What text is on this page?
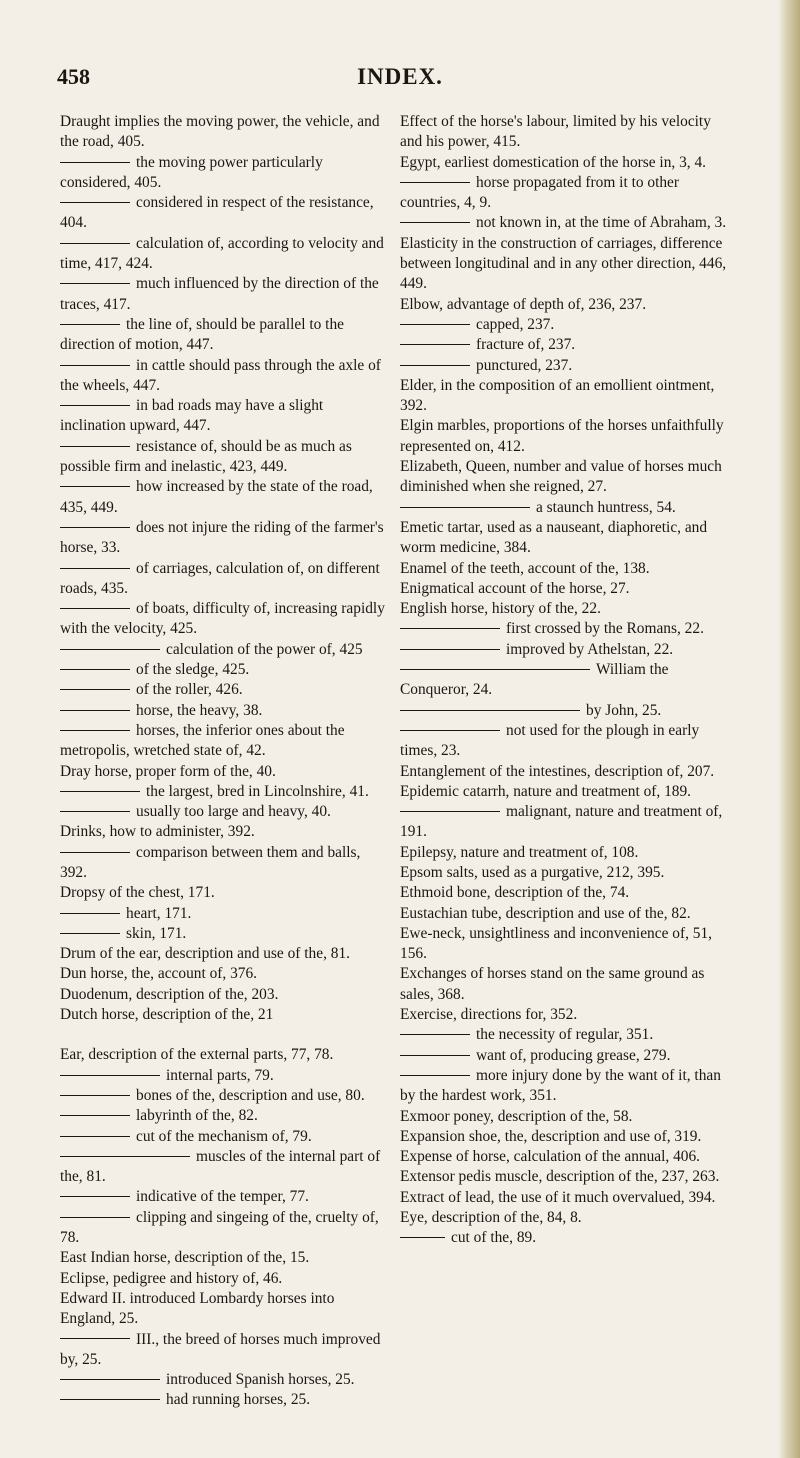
458	INDEX.

Draught implies the moving power, the vehicle, and the road, 405.

the moving power particularly considered, 405.

considered in respect of the resistance, 404.

calculation of, according to velocity and time, 417, 424.

much influenced by the direction of the traces, 417.

the line of, should be parallel to the direction of motion, 447.

in cattle should pass through the axle of the wheels, 447.

in bad roads may have a slight inclination upward, 447.

resistance of, should be as much as possible firm and inelastic, 423, 449.

how increased by the state of the road, 435, 449.

does not injure the riding of the farmer's horse, 33.

of carriages, calculation of, on different roads, 435.

of boats, difficulty of, increasing rapidly with the velocity, 425.

calculation of the power of, 425

of the sledge, 425.

of the roller, 426.

horse, the heavy, 38.

horses, the inferior ones about the metropolis, wretched state of, 42.

Dray horse, proper form of the, 40.

the largest, bred in Lincolnshire, 41.

usually too large and heavy, 40.

Drinks, how to administer, 392.

comparison between them and balls, 392.

Dropsy of the chest, 171.

heart, 171.

skin, 171.

Drum of the ear, description and use of the, 81.

Dun horse, the, account of, 376.

Duodenum, description of the, 203.

Dutch horse, description of the, 21

Ear, description of the external parts, 77, 78.

internal parts, 79.

bones of the, description and use, 80.

labyrinth of the, 82.

cut of the mechanism of, 79.

muscles of the internal part of the, 81.

indicative of the temper, 77.

clipping and singeing of the, cruelty of, 78.

East Indian horse, description of the, 15.

Eclipse, pedigree and history of, 46.

Edward II. introduced Lombardy horses into England, 25.

III., the breed of horses much improved by, 25.

introduced Spanish horses, 25.

had running horses, 25.

Effect of the horse's labour, limited by his velocity and his power, 415.

Egypt, earliest domestication of the horse in, 3, 4.

horse propagated from it to other countries, 4, 9.

not known in, at the time of Abraham, 3.

Elasticity in the construction of carriages, difference between longitudinal and in any other direction, 446, 449.

Elbow, advantage of depth of, 236, 237.

capped, 237.

fracture of, 237.

punctured, 237.

Elder, in the composition of an emollient ointment, 392.

Elgin marbles, proportions of the horses unfaithfully represented on, 412.

Elizabeth, Queen, number and value of horses much diminished when she reigned, 27.

a staunch huntress, 54.

Emetic tartar, used as a nauseant, diaphoretic, and worm medicine, 384.

Enamel of the teeth, account of the, 138.

Enigmatical account of the horse, 27.

English horse, history of the, 22.

first crossed by the Romans, 22.

improved by Athelstan, 22.

William the Conqueror, 24.

by John, 25.

not used for the plough in early times, 23.

Entanglement of the intestines, description of, 207.

Epidemic catarrh, nature and treatment of, 189.

malignant, nature and treatment of, 191.

Epilepsy, nature and treatment of, 108.

Epsom salts, used as a purgative, 212, 395.

Ethmoid bone, description of the, 74.

Eustachian tube, description and use of the, 82.

Ewe-neck, unsightliness and inconvenience of, 51, 156.

Exchanges of horses stand on the same ground as sales, 368.

Exercise, directions for, 352.

the necessity of regular, 351.

want of, producing grease, 279.

more injury done by the want of it, than by the hardest work, 351.

Exmoor poney, description of the, 58.

Expansion shoe, the, description and use of, 319.

Expense of horse, calculation of the annual, 406.

Extensor pedis muscle, description of the, 237, 263.

Extract of lead, the use of it much overvalued, 394.

Eye, description of the, 84, 8.

cut of the, 89.
